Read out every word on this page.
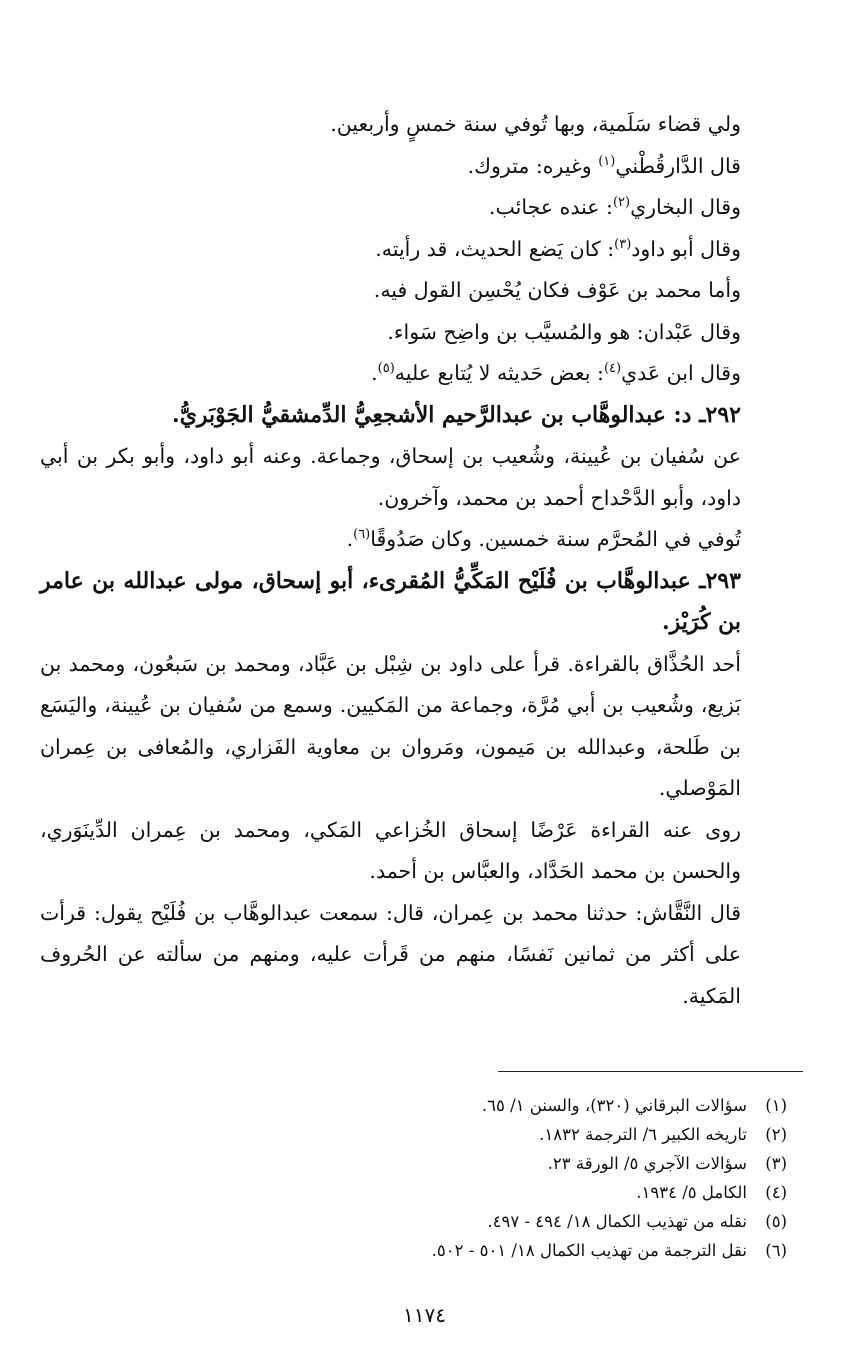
ولي قضاء سَلَمية، وبها تُوفي سنة خمسٍ وأربعين.

قال الدَّارقُطْني$^{(١)}$ وغيره: متروك.

وقال البخاري$^{(٢)}$: عنده عجائب.

وقال أبو داود$^{(٣)}$: كان يَضع الحديث، قد رأيته.

وأما محمد بن عَوْف فكان يُحْسِن القول فيه.

وقال عَبْدان: هو والمُسيَّب بن واضِح سَواء.

وقال ابن عَدي$^{(٤)}$: بعض حَديثه لا يُتابع عليه$^{(٥)}$.

٢٩٢ـ د: عبدالوهَّاب بن عبدالرَّحيم الأشجعِيُّ الدِّمشقيُّ الجَوْبَريُّ.

عن سُفيان بن عُيينة، وشُعيب بن إسحاق، وجماعة. وعنه أبو داود، وأبو بكر بن أبي داود، وأبو الدَّحْداح أحمد بن محمد، وآخرون.

تُوفي في المُحرَّم سنة خمسين. وكان صَدُوقًا$^{(٦)}$.

٢٩٣ـ عبدالوهَّاب بن فُلَيْح المَكِّيُّ المُقرىء، أبو إسحاق، مولى عبدالله بن عامر بن كُرَيْز.

أحد الحُذَّاق بالقراءة. قرأ على داود بن شِبْل بن عَبَّاد، ومحمد بن سَبعُون، ومحمد بن بَزيع، وشُعيب بن أبي مُرَّة، وجماعة من المَكيين. وسمع من سُفيان بن عُيينة، واليَسَع بن طَلحة، وعبدالله بن مَيمون، ومَروان بن معاوية الفَزاري، والمُعافى بن عِمران المَوْصلي.

روى عنه القراءة عَرْضًا إسحاق الخُزاعي المَكي، ومحمد بن عِمران الدِّينَوَري، والحسن بن محمد الحَدَّاد، والعبَّاس بن أحمد.

قال النَّقَّاش: حدثنا محمد بن عِمران، قال: سمعت عبدالوهَّاب بن فُلَيْح يقول: قرأت على أكثر من ثمانين نَفسًا، منهم من قَرأت عليه، ومنهم من سألته عن الحُروف المَكية.

(١)
سؤالات البرقاني (٣٢٠)، والسنن ١/ ٦٥.
(٢)
تاريخه الكبير ٦/ الترجمة ١٨٣٢.
(٣)
سؤالات الآجري ٥/ الورقة ٢٣.
(٤)
الكامل ٥/ ١٩٣٤.
(٥)
نقله من تهذيب الكمال ١٨/ ٤٩٤ - ٤٩٧.
(٦)
نقل الترجمة من تهذيب الكمال ١٨/ ٥٠١ - ٥٠٢.
١١٧٤
